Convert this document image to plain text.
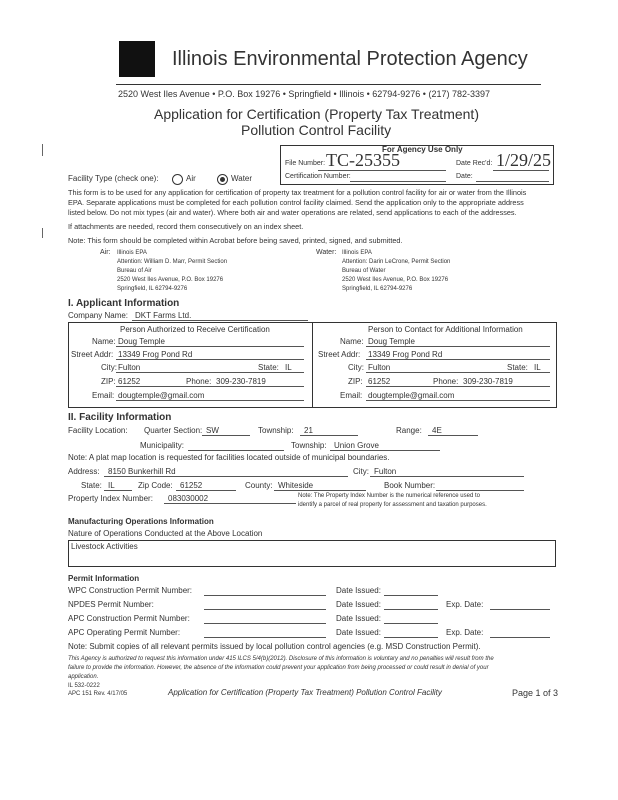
Illinois Environmental Protection Agency
2520 West Iles Avenue • P.O. Box 19276 • Springfield • Illinois • 62794-9276 • (217) 782-3397
Application for Certification (Property Tax Treatment)
Pollution Control Facility
For Agency Use Only
File Number: TC-25355	Date Rec'd: 1/29/25
Certification Number:	Date:
Facility Type (check one):	Air	Water
This form is to be used for any application for certification of property tax treatment for a pollution control facility for air or water from the Illinois
EPA. Separate applications must be completed for each pollution control facility claimed. Send the application only to the appropriate address
listed below. Do not mix types (air and water). Where both air and water operations are related, send applications to each of the addresses.
If attachments are needed, record them consecutively on an index sheet.
Note: This form should be completed within Acrobat before being saved, printed, signed, and submitted.
Air: Illinois EPA
Attention: William D. Marr, Permit Section
Bureau of Air
2520 West Iles Avenue, P.O. Box 19276
Springfield, IL 62794-9276
Water: Illinois EPA
Attention: Darin LeCrone, Permit Section
Bureau of Water
2520 West Iles Avenue, P.O. Box 19276
Springfield, IL 62794-9276
I. Applicant Information
Company Name: DKT Farms Ltd.
Person Authorized to Receive Certification	Person to Contact for Additional Information
Name: Doug Temple
Street Addr: 13349 Frog Pond Rd
City: Fulton	State: IL
ZIP: 61252	Phone: 309-230-7819
Email: dougtemple@gmail.com
Name: Doug Temple
Street Addr: 13349 Frog Pond Rd
City: Fulton	State: IL
ZIP: 61252	Phone: 309-230-7819
Email: dougtemple@gmail.com
II. Facility Information
Facility Location: Quarter Section: SW	Township: 21	Range: 4E
Municipality:	Township: Union Grove
Note: A plat map location is requested for facilities located outside of municipal boundaries.
Address: 8150 Bunkerhill Rd	City: Fulton
State: IL	Zip Code: 61252	County: Whiteside	Book Number:
Property Index Number: 083030002	Note: The Property Index Number is the numerical reference used to
identify a parcel of real property for assessment and taxation purposes.
Manufacturing Operations Information
Nature of Operations Conducted at the Above Location
Livestock Activities
Permit Information
WPC Construction Permit Number:	Date Issued:
NPDES Permit Number:	Date Issued:	Exp. Date:
APC Construction Permit Number:	Date Issued:
APC Operating Permit Number:	Date Issued:	Exp. Date:
Note: Submit copies of all relevant permits issued by local pollution control agencies (e.g. MSD Construction Permit).
This Agency is authorized to request this information under 415 ILCS 5/4(b)(2012). Disclosure of this information is voluntary and no penalties will result from the
failure to provide the information. However, the absence of the information could prevent your application from being processed or could result in denial of your
application.
IL 532-0222
APC 151 Rev. 4/17/05	Application for Certification (Property Tax Treatment) Pollution Control Facility	Page 1 of 3
